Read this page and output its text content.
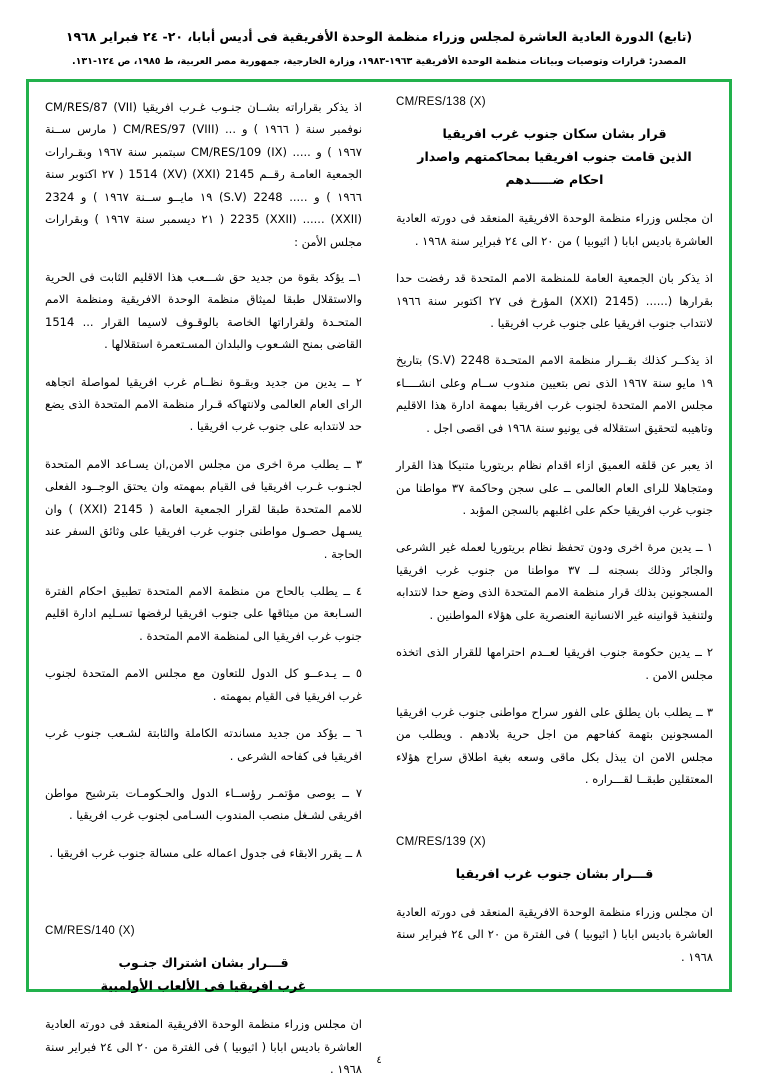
(تابع) الدورة العادية العاشرة لمجلس وزراء منظمة الوحدة الأفريقية فى أديس أبابا، ٢٠- ٢٤ فبراير ١٩٦٨
المصدر: قرارات وتوصيات وبيانات منظمة الوحدة الأفريقية ١٩٦٣-١٩٨٣، وزارة الخارجية، جمهورية مصر العربية، ط ١٩٨٥، ص ١٢٤-١٣١.
CM/RES/138 (X)
قرار بشان سكان جنوب غرب افريقيا
الذين قامت جنوب افريقيا بمحاكمتهم واصدار
احكام ضـــــدهم
ان مجلس وزراء منظمة الوحدة الافريقية المنعقد فى دورته العادية العاشرة باديس ابابا ( اثيوبيا ) من ٢٠ الى ٢٤ فبراير سنة ١٩٦٨ .
اذ يذكر بان الجمعية العامة للمنظمة الامم المتحدة قد رفضت حدا بقرارها (...... (2145 (XXI) المؤرخ فى ٢٧ اكتوبر سنة ١٩٦٦ لانتداب جنوب افريقيا على جنوب غرب افريقيا .
اذ يذكــر كذلك بقــرار منظمة الامم المتحـدة 2248 (S.V) بتاريخ ١٩ مايو سنة ١٩٦٧ الذى نص بتعيين مندوب ســام وعلى انشــــاء مجلس الامم المتحدة لجنوب غرب افريقيا بمهمة ادارة هذا الاقليم وتاهيبه لتحقيق استقلاله فى يونيو سنة ١٩٦٨ فى اقصى اجل .
اذ يعبر عن قلقه العميق ازاء اقدام نظام بريتوريا متنيكا هذا القرار ومتجاهلا للراى العام العالمى ــ على سجن وحاكمة ٣٧ مواطنا من جنوب غرب افريقيا حكم على اغلبهم بالسجن المؤبد .
١ ــ يدين مرة اخرى ودون تحفظ نظام بريتوريا لعمله غير الشرعى والجائر وذلك بسجنه لــ ٣٧ مواطنا من جنوب غرب افريقيا المسجونين بذلك قرار منظمة الامم المتحدة الذى وضع حدا لانتدابه ولتنفيذ قوانينه غير الانسانية العنصرية على هؤلاء المواطنين .
٢ ــ يدين حكومة جنوب افريقيا لعــدم احترامها للقرار الذى اتخذه مجلس الامن .
٣ ــ يطلب بان يطلق على الفور سراح مواطنى جنوب غرب افريقيا المسجونين بتهمة كفاحهم من اجل حرية بلادهم . ويطلب من مجلس الامن ان يبذل بكل ماقى وسعه بغية اطلاق سراح هؤلاء المعتقلين طبقــا لقـــراره .
CM/RES/139 (X)
قـــرار بشان جنوب غرب افريقيا
ان مجلس وزراء منظمة الوحدة الافريقية المنعقد فى دورته العادية العاشرة باديس ابابا ( اثيوبيا ) فى الفترة من ٢٠ الى ٢٤ فبراير سنة ١٩٦٨ .
اذ يذكر بقراراته بشــان جنـوب غـرب افريقيا CM/RES/87 (VII) نوفمبر سنة ( ١٩٦٦ ) و ... CM/RES/97 (VIII) ( مارس ســنة ١٩٦٧ ) و ..... (IX) CM/RES/109 سبتمبر سنة ١٩٦٧ وبقـرارات الجمعية العامـة رقــم 2145 (XXI) 1514 (XV) ( ٢٧ اكتوبر سنة ١٩٦٦ ) و ..... 2248 (S.V) ١٩ مايــو ســنة ١٩٦٧ ) و 2324 (XXII) ...... 2235 (XXII) ( ٢١ ديسمبر سنة ١٩٦٧ ) وبقرارات مجلس الأمن :
١ــ يؤكد بقوة من جديد حق شـــعب هذا الاقليم الثابت فى الحرية والاستقلال طبقا لميثاق منظمة الوحدة الافريقية ومنظمة الامم المتحـدة ولقراراتها الخاصة بالوقـوف لاسيما القرار ... 1514 القاضى بمنح الشـعوب والبلدان المسـتعمرة استقلالها .
٢ ــ يدين من جديد وبقـوة نظــام غرب افريقيا لمواصلة اتجاهه الراى العام العالمى ولانتهاكه قـرار منظمة الامم المتحدة الذى يضع حد لانتدابه على جنوب غرب افريقيا .
٣ ــ يطلب مرة اخرى من مجلس الامن,ان يسـاعد الامم المتحدة لجنـوب غـرب افريقيا فى القيام بمهمته وان يحتق الوجــود الفعلى للامم المتحدة طبقا لقرار الجمعية العامة ( 2145 (XXI) ) وان يسـهل حصـول مواطنى جنوب غرب افريقيا على وثائق السفر عند الحاجة .
٤ ــ يطلب بالحاح من منظمة الامم المتحدة تطبيق احكام الفترة السـابعة من ميثاقها على جنوب افريقيا لرفضها تسـليم ادارة اقليم جنوب غرب افريقيا الى لمنظمة الامم المتحدة .
٥ ــ يـدعــو كل الدول للتعاون مع مجلس الامم المتحدة لجنوب غرب افريقيا فى القيام بمهمته .
٦ ــ يؤكد من جديد مساندته الكاملة والثابتة لشـعب جنوب غرب افريقيا فى كفاحه الشرعى .
٧ ــ يوصى مؤتمـر رؤســاء الدول والحـكومـات بترشيح مواطن افريقى لشـغل منصب المندوب السـامى لجنوب غرب افريقيا .
٨ ــ يقرر الابقاء فى جدول اعماله على مسالة جنوب غرب افريقيا .
CM/RES/140 (X)
قـــرار بشان اشتراك جنـوب
غرب افريقيا فى الألعاب الأولمبية
ان مجلس وزراء منظمة الوحدة الافريقية المنعقد فى دورته العادية العاشرة باديس ابابا ( اثيوبيا ) فى الفترة من ٢٠ الى ٢٤ فبراير سنة ١٩٦٨ .
٤
